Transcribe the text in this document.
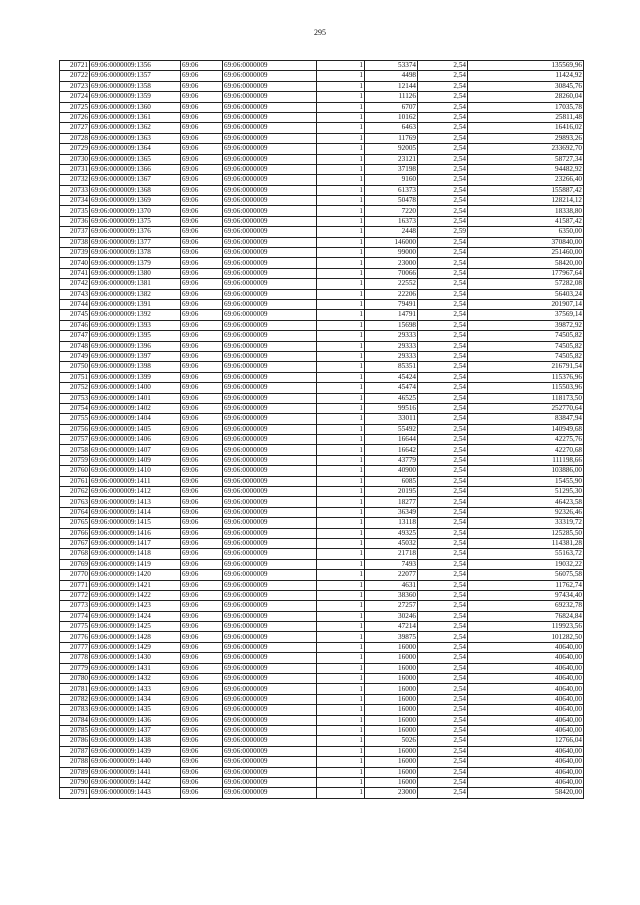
295
20721	69:06:0000009:1356	69:06	69:06:0000009	1	53374	2,54	135569,96
20722	69:06:0000009:1357	69:06	69:06:0000009	1	4498	2,54	11424,92
20723	69:06:0000009:1358	69:06	69:06:0000009	1	12144	2,54	30845,76
20724	69:06:0000009:1359	69:06	69:06:0000009	1	11126	2,54	28260,04
20725	69:06:0000009:1360	69:06	69:06:0000009	1	6707	2,54	17035,78
20726	69:06:0000009:1361	69:06	69:06:0000009	1	10162	2,54	25811,48
20727	69:06:0000009:1362	69:06	69:06:0000009	1	6463	2,54	16416,02
20728	69:06:0000009:1363	69:06	69:06:0000009	1	11769	2,54	29893,26
20729	69:06:0000009:1364	69:06	69:06:0000009	1	92005	2,54	233692,70
20730	69:06:0000009:1365	69:06	69:06:0000009	1	23121	2,54	58727,34
20731	69:06:0000009:1366	69:06	69:06:0000009	1	37198	2,54	94482,92
20732	69:06:0000009:1367	69:06	69:06:0000009	1	9160	2,54	23266,40
20733	69:06:0000009:1368	69:06	69:06:0000009	1	61373	2,54	155887,42
20734	69:06:0000009:1369	69:06	69:06:0000009	1	50478	2,54	128214,12
20735	69:06:0000009:1370	69:06	69:06:0000009	1	7220	2,54	18338,80
20736	69:06:0000009:1375	69:06	69:06:0000009	1	16373	2,54	41587,42
20737	69:06:0000009:1376	69:06	69:06:0000009	1	2448	2,59	6350,00
20738	69:06:0000009:1377	69:06	69:06:0000009	1	146000	2,54	370840,00
20739	69:06:0000009:1378	69:06	69:06:0000009	1	99000	2,54	251460,00
20740	69:06:0000009:1379	69:06	69:06:0000009	1	23000	2,54	58420,00
20741	69:06:0000009:1380	69:06	69:06:0000009	1	70066	2,54	177967,64
20742	69:06:0000009:1381	69:06	69:06:0000009	1	22552	2,54	57282,08
20743	69:06:0000009:1382	69:06	69:06:0000009	1	22206	2,54	56403,24
20744	69:06:0000009:1391	69:06	69:06:0000009	1	79491	2,54	201907,14
20745	69:06:0000009:1392	69:06	69:06:0000009	1	14791	2,54	37569,14
20746	69:06:0000009:1393	69:06	69:06:0000009	1	15698	2,54	39872,92
20747	69:06:0000009:1395	69:06	69:06:0000009	1	29333	2,54	74505,82
20748	69:06:0000009:1396	69:06	69:06:0000009	1	29333	2,54	74505,82
20749	69:06:0000009:1397	69:06	69:06:0000009	1	29333	2,54	74505,82
20750	69:06:0000009:1398	69:06	69:06:0000009	1	85351	2,54	216791,54
20751	69:06:0000009:1399	69:06	69:06:0000009	1	45424	2,54	115376,96
20752	69:06:0000009:1400	69:06	69:06:0000009	1	45474	2,54	115503,96
20753	69:06:0000009:1401	69:06	69:06:0000009	1	46525	2,54	118173,50
20754	69:06:0000009:1402	69:06	69:06:0000009	1	99516	2,54	252770,64
20755	69:06:0000009:1404	69:06	69:06:0000009	1	33011	2,54	83847,94
20756	69:06:0000009:1405	69:06	69:06:0000009	1	55492	2,54	140949,68
20757	69:06:0000009:1406	69:06	69:06:0000009	1	16644	2,54	42275,76
20758	69:06:0000009:1407	69:06	69:06:0000009	1	16642	2,54	42270,68
20759	69:06:0000009:1409	69:06	69:06:0000009	1	43779	2,54	111198,66
20760	69:06:0000009:1410	69:06	69:06:0000009	1	40900	2,54	103886,00
20761	69:06:0000009:1411	69:06	69:06:0000009	1	6085	2,54	15455,90
20762	69:06:0000009:1412	69:06	69:06:0000009	1	20195	2,54	51295,30
20763	69:06:0000009:1413	69:06	69:06:0000009	1	18277	2,54	46423,58
20764	69:06:0000009:1414	69:06	69:06:0000009	1	36349	2,54	92326,46
20765	69:06:0000009:1415	69:06	69:06:0000009	1	13118	2,54	33319,72
20766	69:06:0000009:1416	69:06	69:06:0000009	1	49325	2,54	125285,50
20767	69:06:0000009:1417	69:06	69:06:0000009	1	45032	2,54	114381,28
20768	69:06:0000009:1418	69:06	69:06:0000009	1	21718	2,54	55163,72
20769	69:06:0000009:1419	69:06	69:06:0000009	1	7493	2,54	19032,22
20770	69:06:0000009:1420	69:06	69:06:0000009	1	22077	2,54	56075,58
20771	69:06:0000009:1421	69:06	69:06:0000009	1	4631	2,54	11762,74
20772	69:06:0000009:1422	69:06	69:06:0000009	1	38360	2,54	97434,40
20773	69:06:0000009:1423	69:06	69:06:0000009	1	27257	2,54	69232,78
20774	69:06:0000009:1424	69:06	69:06:0000009	1	30246	2,54	76824,84
20775	69:06:0000009:1425	69:06	69:06:0000009	1	47214	2,54	119923,56
20776	69:06:0000009:1428	69:06	69:06:0000009	1	39875	2,54	101282,50
20777	69:06:0000009:1429	69:06	69:06:0000009	1	16000	2,54	40640,00
20778	69:06:0000009:1430	69:06	69:06:0000009	1	16000	2,54	40640,00
20779	69:06:0000009:1431	69:06	69:06:0000009	1	16000	2,54	40640,00
20780	69:06:0000009:1432	69:06	69:06:0000009	1	16000	2,54	40640,00
20781	69:06:0000009:1433	69:06	69:06:0000009	1	16000	2,54	40640,00
20782	69:06:0000009:1434	69:06	69:06:0000009	1	16000	2,54	40640,00
20783	69:06:0000009:1435	69:06	69:06:0000009	1	16000	2,54	40640,00
20784	69:06:0000009:1436	69:06	69:06:0000009	1	16000	2,54	40640,00
20785	69:06:0000009:1437	69:06	69:06:0000009	1	16000	2,54	40640,00
20786	69:06:0000009:1438	69:06	69:06:0000009	1	5026	2,54	12766,04
20787	69:06:0000009:1439	69:06	69:06:0000009	1	16000	2,54	40640,00
20788	69:06:0000009:1440	69:06	69:06:0000009	1	16000	2,54	40640,00
20789	69:06:0000009:1441	69:06	69:06:0000009	1	16000	2,54	40640,00
20790	69:06:0000009:1442	69:06	69:06:0000009	1	16000	2,54	40640,00
20791	69:06:0000009:1443	69:06	69:06:0000009	1	23000	2,54	58420,00
